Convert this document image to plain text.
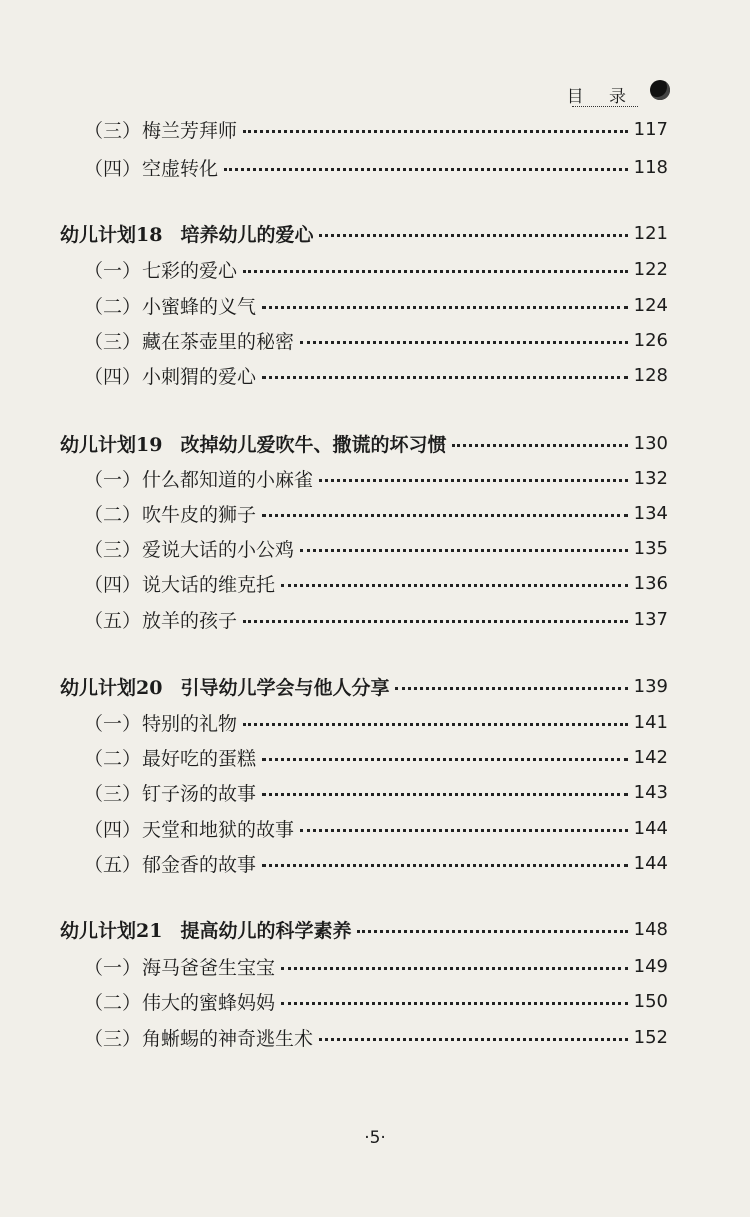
目 录
（三）梅兰芳拜师	117
（四）空虚转化	118
幼儿计划18 培养幼儿的爱心	121
（一）七彩的爱心	122
（二）小蜜蜂的义气	124
（三）藏在茶壶里的秘密	126
（四）小刺猬的爱心	128
幼儿计划19 改掉幼儿爱吹牛、撒谎的坏习惯	130
（一）什么都知道的小麻雀	132
（二）吹牛皮的狮子	134
（三）爱说大话的小公鸡	135
（四）说大话的维克托	136
（五）放羊的孩子	137
幼儿计划20 引导幼儿学会与他人分享	139
（一）特别的礼物	141
（二）最好吃的蛋糕	142
（三）钉子汤的故事	143
（四）天堂和地狱的故事	144
（五）郁金香的故事	144
幼儿计划21 提高幼儿的科学素养	148
（一）海马爸爸生宝宝	149
（二）伟大的蜜蜂妈妈	150
（三）角蜥蜴的神奇逃生术	152
·5·
